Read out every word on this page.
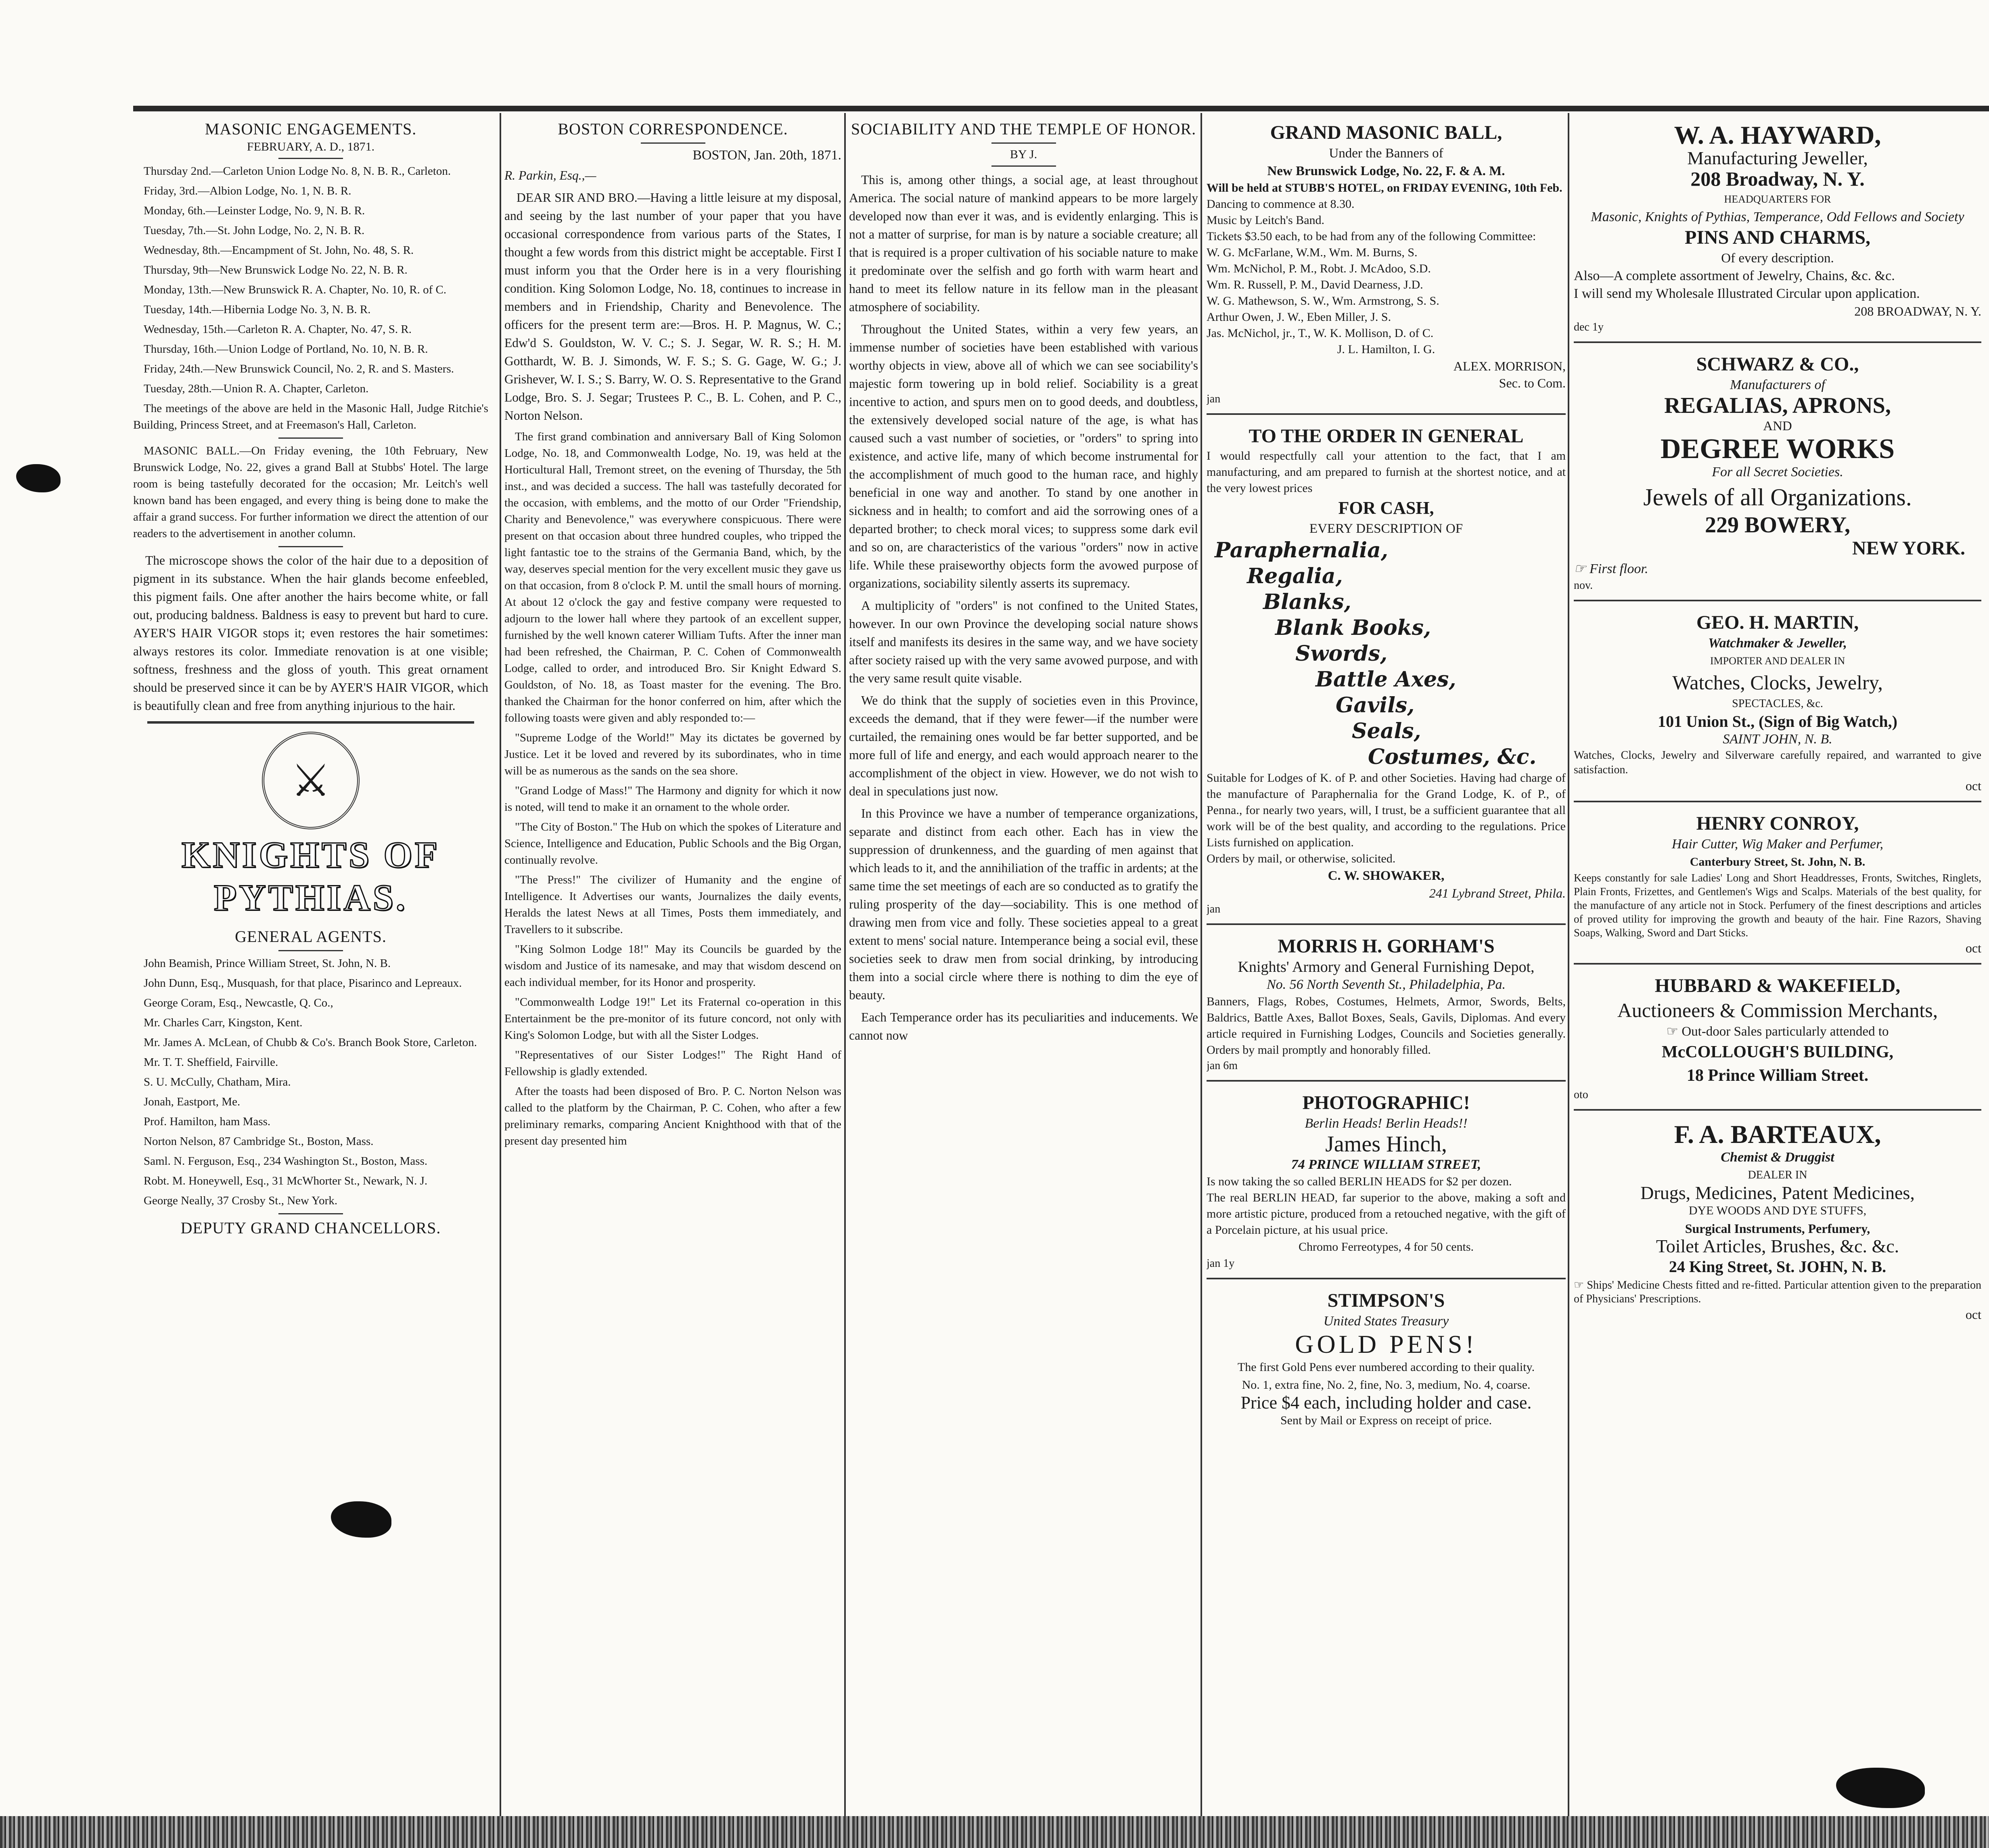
MASONIC ENGAGEMENTS.
FEBRUARY, A. D., 1871.

Thursday 2nd.—Carleton Union Lodge No. 8, N. B. R., Carleton.

Friday, 3rd.—Albion Lodge, No. 1, N. B. R.

Monday, 6th.—Leinster Lodge, No. 9, N. B. R.

Tuesday, 7th.—St. John Lodge, No. 2, N. B. R.

Wednesday, 8th.—Encampment of St. John, No. 48, S. R.

Thursday, 9th—New Brunswick Lodge No. 22, N. B. R.

Monday, 13th.—New Brunswick R. A. Chapter, No. 10, R. of C.

Tuesday, 14th.—Hibernia Lodge No. 3, N. B. R.

Wednesday, 15th.—Carleton R. A. Chapter, No. 47, S. R.

Thursday, 16th.—Union Lodge of Portland, No. 10, N. B. R.

Friday, 24th.—New Brunswick Council, No. 2, R. and S. Masters.

Tuesday, 28th.—Union R. A. Chapter, Carleton.

The meetings of the above are held in the Masonic Hall, Judge Ritchie's Building, Princess Street, and at Freemason's Hall, Carleton.

MASONIC BALL.—On Friday evening, the 10th February, New Brunswick Lodge, No. 22, gives a grand Ball at Stubbs' Hotel. The large room is being tastefully decorated for the occasion; Mr. Leitch's well known band has been engaged, and every thing is being done to make the affair a grand success. For further information we direct the attention of our readers to the advertisement in another column.

The microscope shows the color of the hair due to a deposition of pigment in its substance. When the hair glands become enfeebled, this pigment fails. One after another the hairs become white, or fall out, producing baldness. Baldness is easy to prevent but hard to cure. AYER'S HAIR VIGOR stops it; even restores the hair sometimes: always restores its color. Immediate renovation is at one visible; softness, freshness and the gloss of youth. This great ornament should be preserved since it can be by AYER'S HAIR VIGOR, which is beautifully clean and free from anything injurious to the hair.

⚔
KNIGHTS OF PYTHIAS.
GENERAL AGENTS.

John Beamish, Prince William Street, St. John, N. B.

John Dunn, Esq., Musquash, for that place, Pisarinco and Lepreaux.

George Coram, Esq., Newcastle, Q. Co.,

Mr. Charles Carr, Kingston, Kent.

Mr. James A. McLean, of Chubb & Co's. Branch Book Store, Carleton.

Mr. T. T. Sheffield, Fairville.

S. U. McCully, Chatham, Mira.

Jonah, Eastport, Me.

Prof. Hamilton, ham Mass.

Norton Nelson, 87 Cambridge St., Boston, Mass.

Saml. N. Ferguson, Esq., 234 Washington St., Boston, Mass.

Robt. M. Honeywell, Esq., 31 McWhorter St., Newark, N. J.

George Neally, 37 Crosby St., New York.

DEPUTY GRAND CHANCELLORS.
BOSTON CORRESPONDENCE.
BOSTON, Jan. 20th, 1871.

R. Parkin, Esq.,—

DEAR SIR AND BRO.—Having a little leisure at my disposal, and seeing by the last number of your paper that you have occasional correspondence from various parts of the States, I thought a few words from this district might be acceptable. First I must inform you that the Order here is in a very flourishing condition. King Solomon Lodge, No. 18, continues to increase in members and in Friendship, Charity and Benevolence. The officers for the present term are:—Bros. H. P. Magnus, W. C.; Edw'd S. Gouldston, W. V. C.; S. J. Segar, W. R. S.; H. M. Gotthardt, W. B. J. Simonds, W. F. S.; S. G. Gage, W. G.; J. Grishever, W. I. S.; S. Barry, W. O. S. Representative to the Grand Lodge, Bro. S. J. Segar; Trustees P. C., B. L. Cohen, and P. C., Norton Nelson.

The first grand combination and anniversary Ball of King Solomon Lodge, No. 18, and Commonwealth Lodge, No. 19, was held at the Horticultural Hall, Tremont street, on the evening of Thursday, the 5th inst., and was decided a success. The hall was tastefully decorated for the occasion, with emblems, and the motto of our Order "Friendship, Charity and Benevolence," was everywhere conspicuous. There were present on that occasion about three hundred couples, who tripped the light fantastic toe to the strains of the Germania Band, which, by the way, deserves special mention for the very excellent music they gave us on that occasion, from 8 o'clock P. M. until the small hours of morning. At about 12 o'clock the gay and festive company were requested to adjourn to the lower hall where they partook of an excellent supper, furnished by the well known caterer William Tufts. After the inner man had been refreshed, the Chairman, P. C. Cohen of Commonwealth Lodge, called to order, and introduced Bro. Sir Knight Edward S. Gouldston, of No. 18, as Toast master for the evening. The Bro. thanked the Chairman for the honor conferred on him, after which the following toasts were given and ably responded to:—

"Supreme Lodge of the World!" May its dictates be governed by Justice. Let it be loved and revered by its subordinates, who in time will be as numerous as the sands on the sea shore.

"Grand Lodge of Mass!" The Harmony and dignity for which it now is noted, will tend to make it an ornament to the whole order.

"The City of Boston." The Hub on which the spokes of Literature and Science, Intelligence and Education, Public Schools and the Big Organ, continually revolve.

"The Press!" The civilizer of Humanity and the engine of Intelligence. It Advertises our wants, Journalizes the daily events, Heralds the latest News at all Times, Posts them immediately, and Travellers to it subscribe.

"King Solmon Lodge 18!" May its Councils be guarded by the wisdom and Justice of its namesake, and may that wisdom descend on each individual member, for its Honor and prosperity.

"Commonwealth Lodge 19!" Let its Fraternal co-operation in this Entertainment be the pre-monitor of its future concord, not only with King's Solomon Lodge, but with all the Sister Lodges.

"Representatives of our Sister Lodges!" The Right Hand of Fellowship is gladly extended.

After the toasts had been disposed of Bro. P. C. Norton Nelson was called to the platform by the Chairman, P. C. Cohen, who after a few preliminary remarks, comparing Ancient Knighthood with that of the present day presented him

SOCIABILITY AND THE TEMPLE OF HONOR.
BY J.

This is, among other things, a social age, at least throughout America. The social nature of mankind appears to be more largely developed now than ever it was, and is evidently enlarging. This is not a matter of surprise, for man is by nature a sociable creature; all that is required is a proper cultivation of his sociable nature to make it predominate over the selfish and go forth with warm heart and hand to meet its fellow nature in its fellow man in the pleasant atmosphere of sociability.

Throughout the United States, within a very few years, an immense number of societies have been established with various worthy objects in view, above all of which we can see sociability's majestic form towering up in bold relief. Sociability is a great incentive to action, and spurs men on to good deeds, and doubtless, the extensively developed social nature of the age, is what has caused such a vast number of societies, or "orders" to spring into existence, and active life, many of which become instrumental for the accomplishment of much good to the human race, and highly beneficial in one way and another. To stand by one another in sickness and in health; to comfort and aid the sorrowing ones of a departed brother; to check moral vices; to suppress some dark evil and so on, are characteristics of the various "orders" now in active life. While these praiseworthy objects form the avowed purpose of organizations, sociability silently asserts its supremacy.

A multiplicity of "orders" is not confined to the United States, however. In our own Province the developing social nature shows itself and manifests its desires in the same way, and we have society after society raised up with the very same avowed purpose, and with the very same result quite visable.

We do think that the supply of societies even in this Province, exceeds the demand, that if they were fewer—if the number were curtailed, the remaining ones would be far better supported, and be more full of life and energy, and each would approach nearer to the accomplishment of the object in view. However, we do not wish to deal in speculations just now.

In this Province we have a number of temperance organizations, separate and distinct from each other. Each has in view the suppression of drunkenness, and the guarding of men against that which leads to it, and the annihiliation of the traffic in ardents; at the same time the set meetings of each are so conducted as to gratify the ruling prosperity of the day—sociability. This is one method of drawing men from vice and folly. These societies appeal to a great extent to mens' social nature. Intemperance being a social evil, these societies seek to draw men from social drinking, by introducing them into a social circle where there is nothing to dim the eye of beauty.

Each Temperance order has its peculiarities and inducements. We cannot now

GRAND MASONIC BALL,
Under the Banners of
New Brunswick Lodge, No. 22, F. & A. M.
Will be held at STUBB'S HOTEL, on FRIDAY EVENING, 10th Feb.
Dancing to commence at 8.30.
Music by Leitch's Band.
Tickets $3.50 each, to be had from any of the following Committee:
W. G. McFarlane, W.M., Wm. M. Burns, S.
Wm. McNichol, P. M., Robt. J. McAdoo, S.D.
Wm. R. Russell, P. M., David Dearness, J.D.
W. G. Mathewson, S. W., Wm. Armstrong, S. S.
Arthur Owen, J. W., Eben Miller, J. S.
Jas. McNichol, jr., T., W. K. Mollison, D. of C.
J. L. Hamilton, I. G.
ALEX. MORRISON,
Sec. to Com.
jan
TO THE ORDER IN GENERAL
I would respectfully call your attention to the fact, that I am manufacturing, and am prepared to furnish at the shortest notice, and at the very lowest prices
FOR CASH,
EVERY DESCRIPTION OF
Paraphernalia,
Regalia,
Blanks,
Blank Books,
Swords,
Battle Axes,
Gavils,
Seals,
Costumes, &c.
Suitable for Lodges of K. of P. and other Societies. Having had charge of the manufacture of Paraphernalia for the Grand Lodge, K. of P., of Penna., for nearly two years, will, I trust, be a sufficient guarantee that all work will be of the best quality, and according to the regulations. Price Lists furnished on application.
Orders by mail, or otherwise, solicited.
C. W. SHOWAKER,
241 Lybrand Street, Phila.
jan
MORRIS H. GORHAM'S
Knights' Armory and General Furnishing Depot,
No. 56 North Seventh St., Philadelphia, Pa.
Banners, Flags, Robes, Costumes, Helmets, Armor, Swords, Belts, Baldrics, Battle Axes, Ballot Boxes, Seals, Gavils, Diplomas. And every article required in Furnishing Lodges, Councils and Societies generally. Orders by mail promptly and honorably filled.
jan 6m
PHOTOGRAPHIC!
Berlin Heads! Berlin Heads!!
James Hinch,
74 PRINCE WILLIAM STREET,
Is now taking the so called BERLIN HEADS for $2 per dozen.
The real BERLIN HEAD, far superior to the above, making a soft and more artistic picture, produced from a retouched negative, with the gift of a Porcelain picture, at his usual price.
Chromo Ferreotypes, 4 for 50 cents.
jan 1y
STIMPSON'S
United States Treasury
GOLD PENS!
The first Gold Pens ever numbered according to their quality.
No. 1, extra fine, No. 2, fine, No. 3, medium, No. 4, coarse.
Price $4 each, including holder and case.
Sent by Mail or Express on receipt of price.
W. A. HAYWARD,
Manufacturing Jeweller,
208 Broadway, N. Y.
HEADQUARTERS FOR
Masonic, Knights of Pythias, Temperance, Odd Fellows and Society
PINS AND CHARMS,
Of every description.
Also—A complete assortment of Jewelry, Chains, &c. &c.
I will send my Wholesale Illustrated Circular upon application.
208 BROADWAY, N. Y.
dec 1y
SCHWARZ & CO.,
Manufacturers of
REGALIAS, APRONS,
AND
DEGREE WORKS
For all Secret Societies.
Jewels of all Organizations.
229 BOWERY,
NEW YORK.
☞ First floor.
nov.
GEO. H. MARTIN,
Watchmaker & Jeweller,
IMPORTER AND DEALER IN
Watches, Clocks, Jewelry,
SPECTACLES, &c.
101 Union St., (Sign of Big Watch,)
SAINT JOHN, N. B.
Watches, Clocks, Jewelry and Silverware carefully repaired, and warranted to give satisfaction.
oct
HENRY CONROY,
Hair Cutter, Wig Maker and Perfumer,
Canterbury Street, St. John, N. B.
Keeps constantly for sale Ladies' Long and Short Headdresses, Fronts, Switches, Ringlets, Plain Fronts, Frizettes, and Gentlemen's Wigs and Scalps. Materials of the best quality, for the manufacture of any article not in Stock. Perfumery of the finest descriptions and articles of proved utility for improving the growth and beauty of the hair. Fine Razors, Shaving Soaps, Walking, Sword and Dart Sticks.
oct
HUBBARD & WAKEFIELD,
Auctioneers & Commission Merchants,
☞ Out-door Sales particularly attended to
McCOLLOUGH'S BUILDING,
18 Prince William Street.
oto
F. A. BARTEAUX,
Chemist & Druggist
DEALER IN
Drugs, Medicines, Patent Medicines,
DYE WOODS AND DYE STUFFS,
Surgical Instruments, Perfumery,
Toilet Articles, Brushes, &c. &c.
24 King Street, St. JOHN, N. B.
☞ Ships' Medicine Chests fitted and re-fitted. Particular attention given to the preparation of Physicians' Prescriptions.
oct
